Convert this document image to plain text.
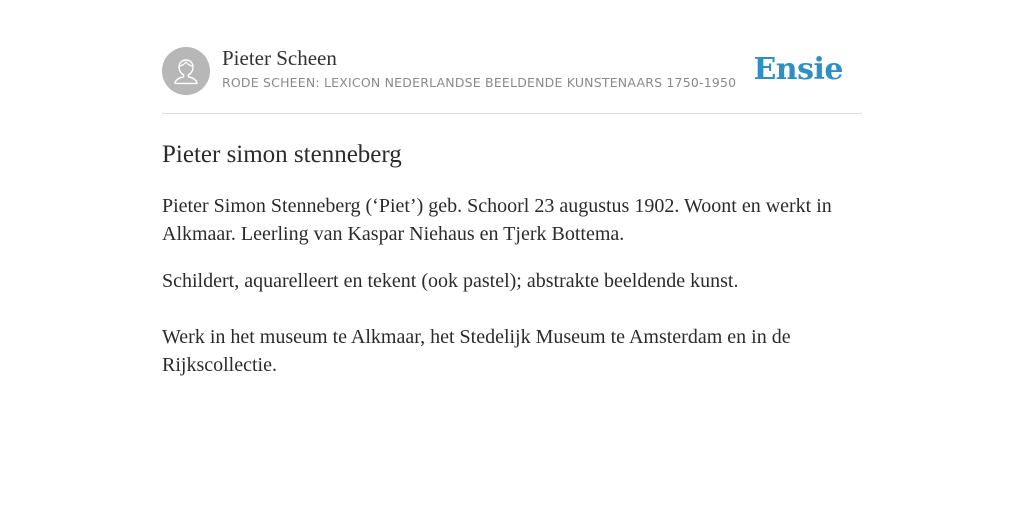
Pieter Scheen
RODE SCHEEN: LEXICON NEDERLANDSE BEELDENDE KUNSTENAARS 1750-1950 Ensie
Pieter simon stenneberg

Pieter Simon Stenneberg (‘Piet’) geb. Schoorl 23 augustus 1902. Woont en werkt in Alkmaar. Leerling van Kaspar Niehaus en Tjerk Bottema.

Schildert, aquarelleert en tekent (ook pastel); abstrakte beeldende kunst.

Werk in het museum te Alkmaar, het Stedelijk Museum te Amsterdam en in de Rijkscollectie.
